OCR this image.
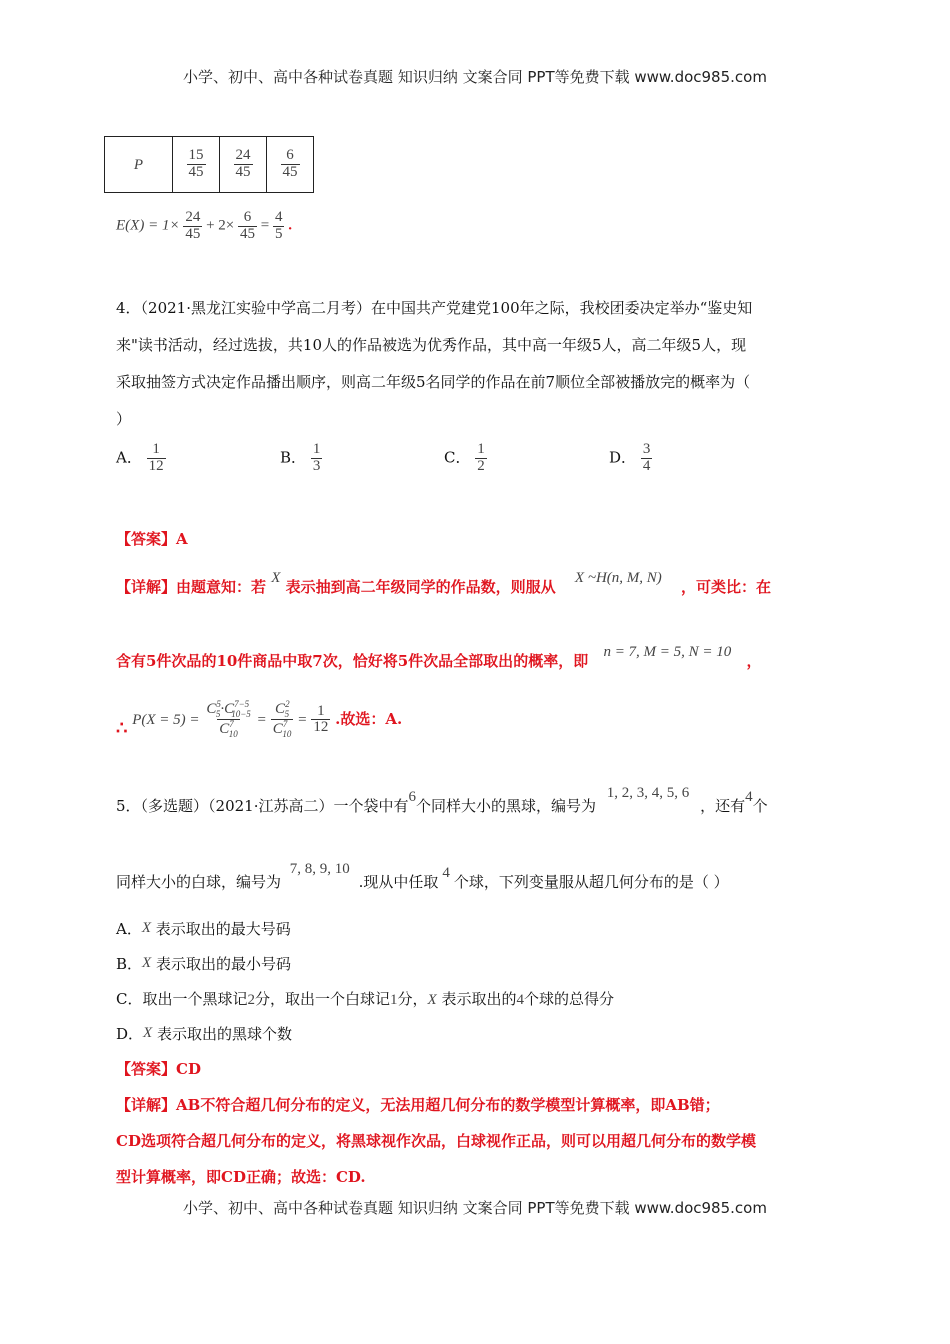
小学、初中、高中各种试卷真题 知识归纳 文案合同 PPT等免费下载 www.doc985.com
P	$\frac{15}{45}$	$\frac{24}{45}$	$\frac{6}{45}$
$E(X) = 1\times \frac{24}{45} + 2\times \frac{6}{45} = \frac{4}{5}$ .
4．（2021·黑龙江实验中学高二月考）在中国共产党建党100年之际，我校团委决定举办“鉴史知
来"读书活动，经过选拔，共10人的作品被选为优秀作品，其中高一年级5人，高二年级5人，现
采取抽签方式决定作品播出顺序，则高二年级5名同学的作品在前7顺位全部被播放完的概率为（
）
A． $\frac{1}{12}$	B． $\frac{1}{3}$	C． $\frac{1}{2}$	D． $\frac{3}{4}$
【答案】A
【详解】由题意知：若 X 表示抽到高二年级同学的作品数，则服从 X ~H(n, M, N) ，可类比：在
含有5件次品的10件商品中取7次，恰好将5件次品全部取出的概率，即 n = 7, M = 5, N = 10 ，
∴ $P(X = 5) = \frac{C^5_5\cdot C^{7-5}_{10-5}}{C^7_{10}} = \frac{C^2_5}{C^7_{10}} = \frac{1}{12}$ .故选：A.
5．（多选题）（2021·江苏高二）一个袋中有6个同样大小的黑球，编号为 1, 2, 3, 4, 5, 6 ，还有4个
同样大小的白球，编号为 7, 8, 9, 10 .现从中任取 4 个球，下列变量服从超几何分布的是（ ）
A．X 表示取出的最大号码
B．X 表示取出的最小号码
C．取出一个黑球记2分，取出一个白球记1分，X 表示取出的4个球的总得分
D．X 表示取出的黑球个数
【答案】CD
【详解】AB不符合超几何分布的定义，无法用超几何分布的数学模型计算概率，即AB错；
CD选项符合超几何分布的定义，将黑球视作次品，白球视作正品，则可以用超几何分布的数学模
型计算概率，即CD正确；故选：CD.
小学、初中、高中各种试卷真题 知识归纳 文案合同 PPT等免费下载 www.doc985.com
